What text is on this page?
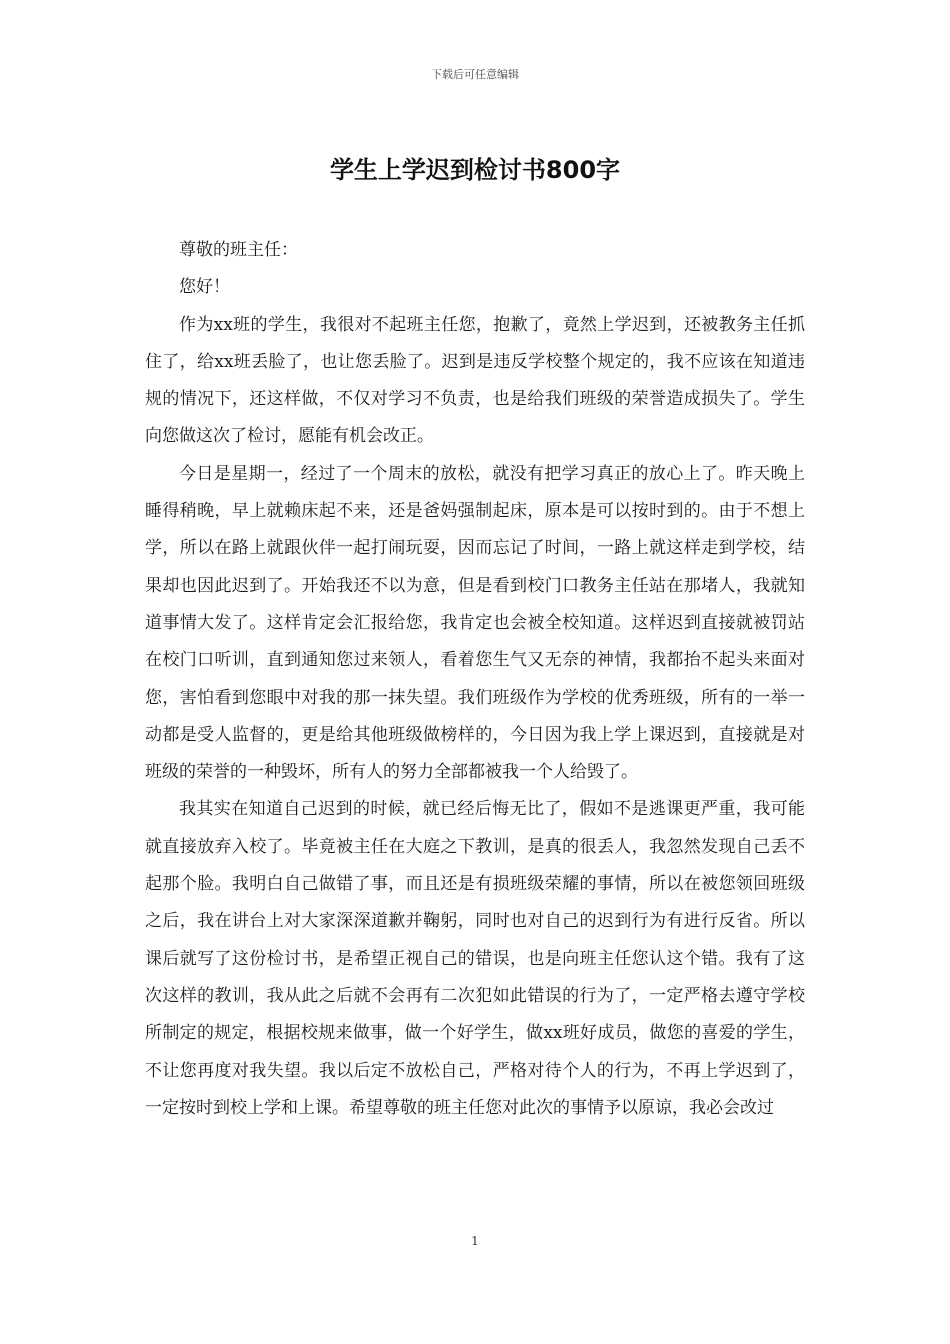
下载后可任意编辑
学生上学迟到检讨书800字

尊敬的班主任：

您好！

作为xx班的学生，我很对不起班主任您，抱歉了，竟然上学迟到，还被教务主任抓住了，给xx班丢脸了，也让您丢脸了。迟到是违反学校整个规定的，我不应该在知道违规的情况下，还这样做，不仅对学习不负责，也是给我们班级的荣誉造成损失了。学生向您做这次了检讨，愿能有机会改正。

今日是星期一，经过了一个周末的放松，就没有把学习真正的放心上了。昨天晚上睡得稍晚，早上就赖床起不来，还是爸妈强制起床，原本是可以按时到的。由于不想上学，所以在路上就跟伙伴一起打闹玩耍，因而忘记了时间，一路上就这样走到学校，结果却也因此迟到了。开始我还不以为意，但是看到校门口教务主任站在那堵人，我就知道事情大发了。这样肯定会汇报给您，我肯定也会被全校知道。这样迟到直接就被罚站在校门口听训，直到通知您过来领人，看着您生气又无奈的神情，我都抬不起头来面对您，害怕看到您眼中对我的那一抹失望。我们班级作为学校的优秀班级，所有的一举一动都是受人监督的，更是给其他班级做榜样的，今日因为我上学上课迟到，直接就是对班级的荣誉的一种毁坏，所有人的努力全部都被我一个人给毁了。

我其实在知道自己迟到的时候，就已经后悔无比了，假如不是逃课更严重，我可能就直接放弃入校了。毕竟被主任在大庭之下教训，是真的很丢人，我忽然发现自己丢不起那个脸。我明白自己做错了事，而且还是有损班级荣耀的事情，所以在被您领回班级之后，我在讲台上对大家深深道歉并鞠躬，同时也对自己的迟到行为有进行反省。所以课后就写了这份检讨书，是希望正视自己的错误，也是向班主任您认这个错。我有了这次这样的教训，我从此之后就不会再有二次犯如此错误的行为了，一定严格去遵守学校所制定的规定，根据校规来做事，做一个好学生，做xx班好成员，做您的喜爱的学生，不让您再度对我失望。我以后定不放松自己，严格对待个人的行为，不再上学迟到了，一定按时到校上学和上课。希望尊敬的班主任您对此次的事情予以原谅，我必会改过

1
